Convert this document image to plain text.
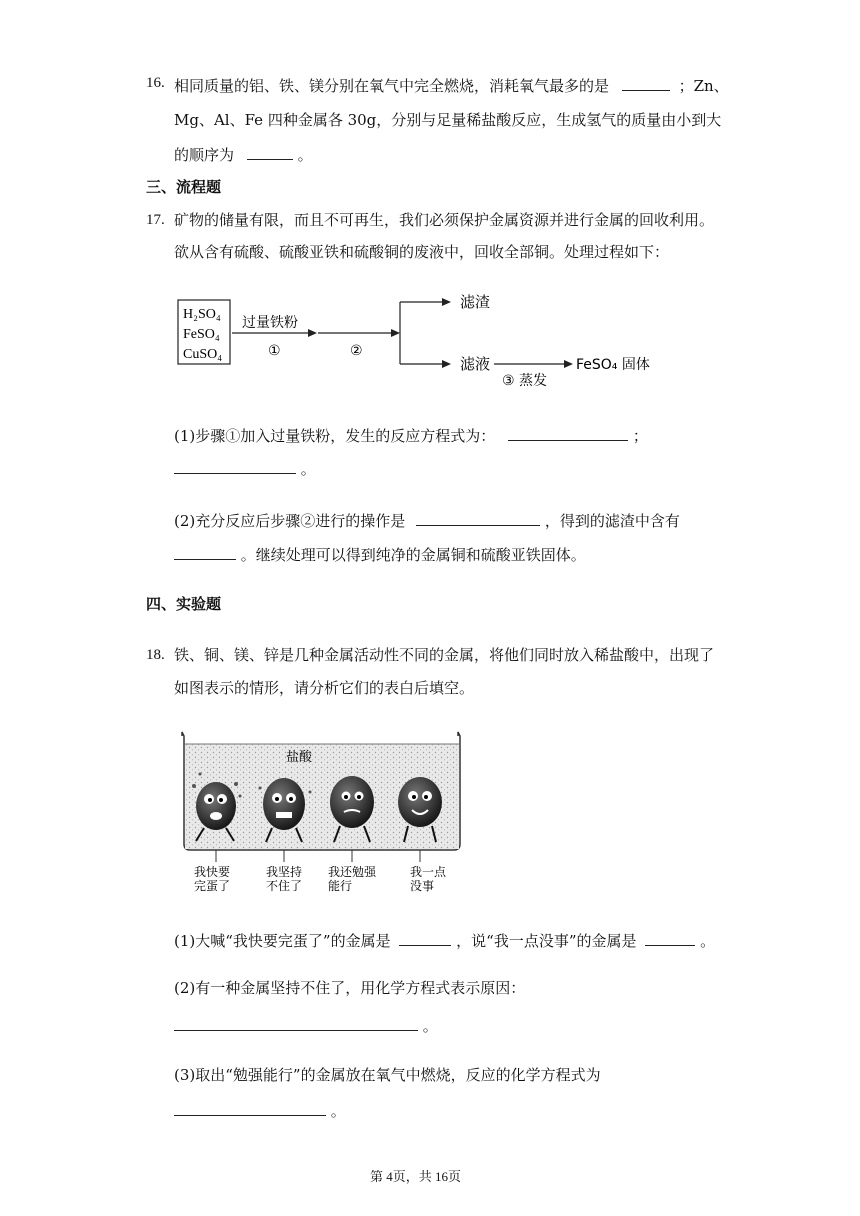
16. 相同质量的铝、铁、镁分别在氧气中完全燃烧，消耗氧气最多的是	；Zn、
Mg、Al、Fe 四种金属各 30g，分别与足量稀盐酸反应，生成氢气的质量由小到大
的顺序为	。
三、流程题
17. 矿物的储量有限，而且不可再生，我们必须保护金属资源并进行金属的回收利用。
欲从含有硫酸、硫酸亚铁和硫酸铜的废液中，回收全部铜。处理过程如下：
H₂SO₄
FeSO₄
CuSO₄
过量铁粉
①	②
滤渣
滤液
③ 蒸发
FeSO₄ 固体
(1)步骤①加入过量铁粉，发生的反应方程式为：	；
。
(2)充分反应后步骤②进行的操作是	，得到的滤渣中含有
。继续处理可以得到纯净的金属铜和硫酸亚铁固体。
四、实验题
18. 铁、铜、镁、锌是几种金属活动性不同的金属，将他们同时放入稀盐酸中，出现了
如图表示的情形，请分析它们的表白后填空。
盐酸
我快要
完蛋了
我坚持
不住了
我还勉强
能行
我一点
没事
(1)大喊“我快要完蛋了”的金属是	，说“我一点没事”的金属是	。
(2)有一种金属坚持不住了，用化学方程式表示原因：
。
(3)取出“勉强能行”的金属放在氧气中燃烧，反应的化学方程式为
。
第 4页，共 16页
